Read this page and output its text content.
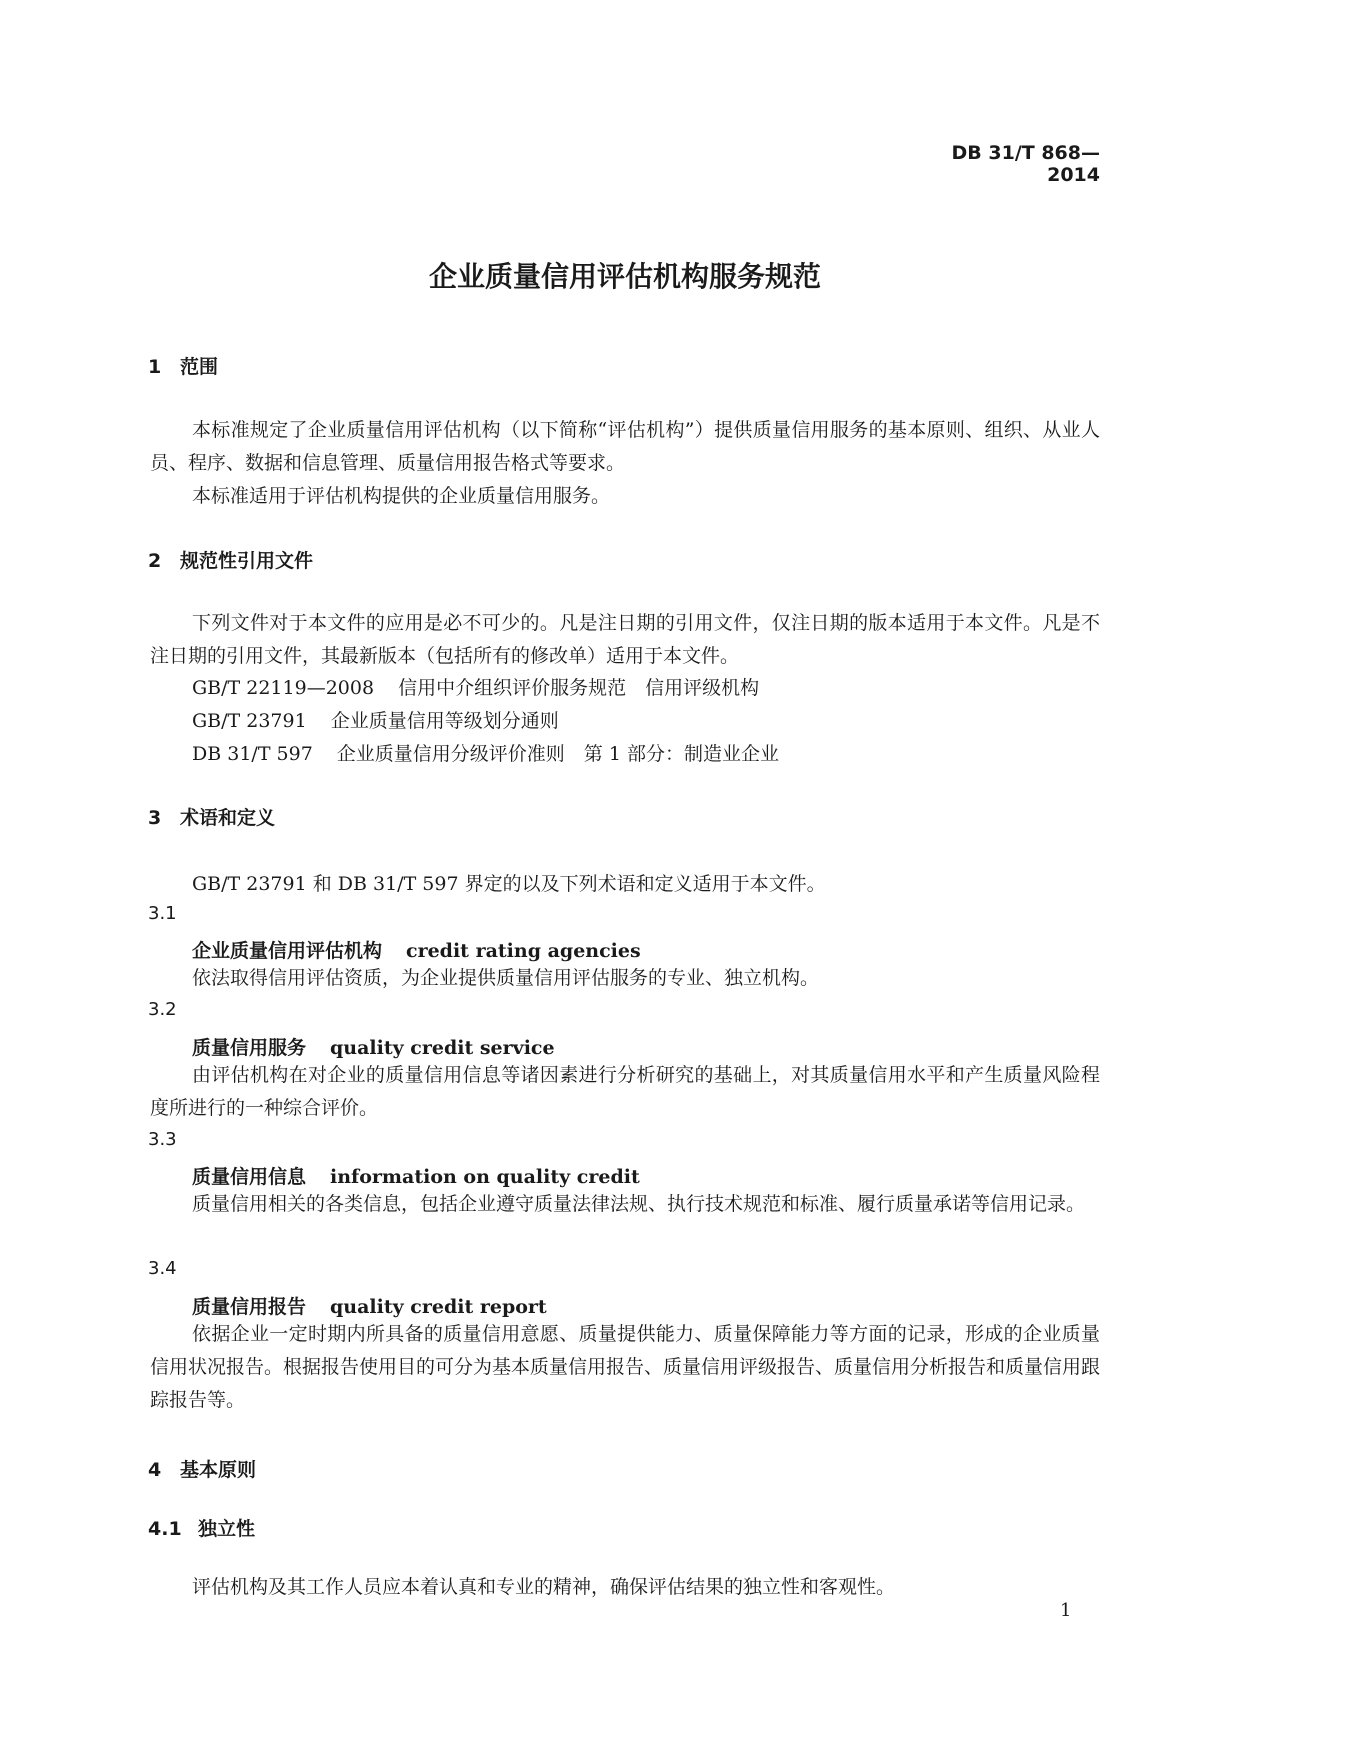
DB 31/T 868—2014
企业质量信用评估机构服务规范
1 范围
本标准规定了企业质量信用评估机构（以下简称“评估机构”）提供质量信用服务的基本原则、组织、从业人员、程序、数据和信息管理、质量信用报告格式等要求。
本标准适用于评估机构提供的企业质量信用服务。
2 规范性引用文件
下列文件对于本文件的应用是必不可少的。凡是注日期的引用文件，仅注日期的版本适用于本文件。凡是不注日期的引用文件，其最新版本（包括所有的修改单）适用于本文件。
GB/T 22119—2008 信用中介组织评价服务规范　信用评级机构
GB/T 23791 企业质量信用等级划分通则
DB 31/T 597 企业质量信用分级评价准则　第 1 部分：制造业企业
3 术语和定义
GB/T 23791 和 DB 31/T 597 界定的以及下列术语和定义适用于本文件。
3.1
企业质量信用评估机构 credit rating agencies
依法取得信用评估资质，为企业提供质量信用评估服务的专业、独立机构。
3.2
质量信用服务 quality credit service
由评估机构在对企业的质量信用信息等诸因素进行分析研究的基础上，对其质量信用水平和产生质量风险程度所进行的一种综合评价。
3.3
质量信用信息 information on quality credit
质量信用相关的各类信息，包括企业遵守质量法律法规、执行技术规范和标准、履行质量承诺等信用记录。
3.4
质量信用报告 quality credit report
依据企业一定时期内所具备的质量信用意愿、质量提供能力、质量保障能力等方面的记录，形成的企业质量信用状况报告。根据报告使用目的可分为基本质量信用报告、质量信用评级报告、质量信用分析报告和质量信用跟踪报告等。
4 基本原则
4.1 独立性
评估机构及其工作人员应本着认真和专业的精神，确保评估结果的独立性和客观性。
1
